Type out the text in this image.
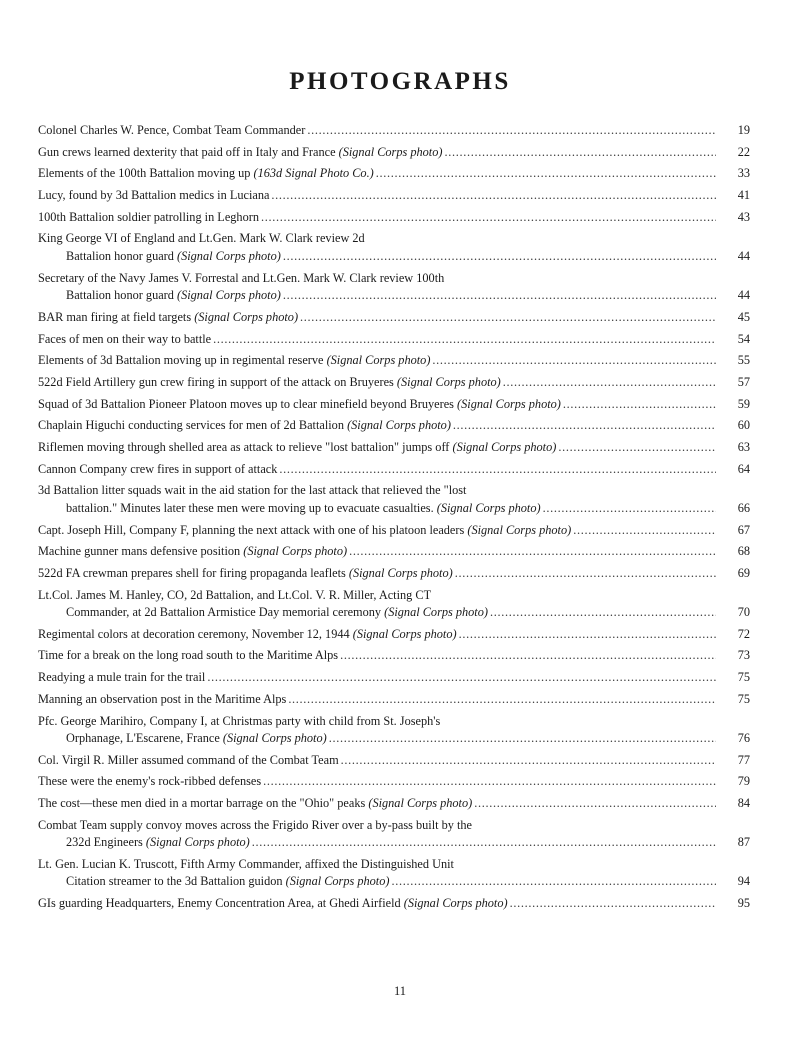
PHOTOGRAPHS
Colonel Charles W. Pence, Combat Team Commander . . .	19
Gun crews learned dexterity that paid off in Italy and France (Signal Corps photo) . . .	22
Elements of the 100th Battalion moving up (163d Signal Photo Co.) . . .	33
Lucy, found by 3d Battalion medics in Luciana . . .	41
100th Battalion soldier patrolling in Leghorn . . .	43
King George VI of England and Lt.Gen. Mark W. Clark review 2d
Battalion honor guard (Signal Corps photo) . . .	44
Secretary of the Navy James V. Forrestal and Lt.Gen. Mark W. Clark review 100th
Battalion honor guard (Signal Corps photo) . . .	44
BAR man firing at field targets (Signal Corps photo) . . .	45
Faces of men on their way to battle . . .	54
Elements of 3d Battalion moving up in regimental reserve (Signal Corps photo) . . .	55
522d Field Artillery gun crew firing in support of the attack on Bruyeres (Signal Corps photo) . . .	57
Squad of 3d Battalion Pioneer Platoon moves up to clear minefield beyond Bruyeres (Signal Corps photo) . . .	59
Chaplain Higuchi conducting services for men of 2d Battalion (Signal Corps photo) . . .	60
Riflemen moving through shelled area as attack to relieve "lost battalion" jumps off (Signal Corps photo) . . .	63
Cannon Company crew fires in support of attack . . .	64
3d Battalion litter squads wait in the aid station for the last attack that relieved the "lost
battalion." Minutes later these men were moving up to evacuate casualties. (Signal Corps photo) . . .	66
Capt. Joseph Hill, Company F, planning the next attack with one of his platoon leaders (Signal Corps photo) . . .	67
Machine gunner mans defensive position (Signal Corps photo) . . .	68
522d FA crewman prepares shell for firing propaganda leaflets (Signal Corps photo) . . .	69
Lt.Col. James M. Hanley, CO, 2d Battalion, and Lt.Col. V. R. Miller, Acting CT
Commander, at 2d Battalion Armistice Day memorial ceremony (Signal Corps photo) . . .	70
Regimental colors at decoration ceremony, November 12, 1944 (Signal Corps photo) . . .	72
Time for a break on the long road south to the Maritime Alps . . .	73
Readying a mule train for the trail . . .	75
Manning an observation post in the Maritime Alps . . .	75
Pfc. George Marihiro, Company I, at Christmas party with child from St. Joseph's
Orphanage, L'Escarene, France (Signal Corps photo) . . .	76
Col. Virgil R. Miller assumed command of the Combat Team . . .	77
These were the enemy's rock-ribbed defenses . . .	79
The cost—these men died in a mortar barrage on the "Ohio" peaks (Signal Corps photo) . . .	84
Combat Team supply convoy moves across the Frigido River over a by-pass built by the
232d Engineers (Signal Corps photo) . . .	87
Lt. Gen. Lucian K. Truscott, Fifth Army Commander, affixed the Distinguished Unit
Citation streamer to the 3d Battalion guidon (Signal Corps photo) . . .	94
GIs guarding Headquarters, Enemy Concentration Area, at Ghedi Airfield (Signal Corps photo) . . .	95
11
